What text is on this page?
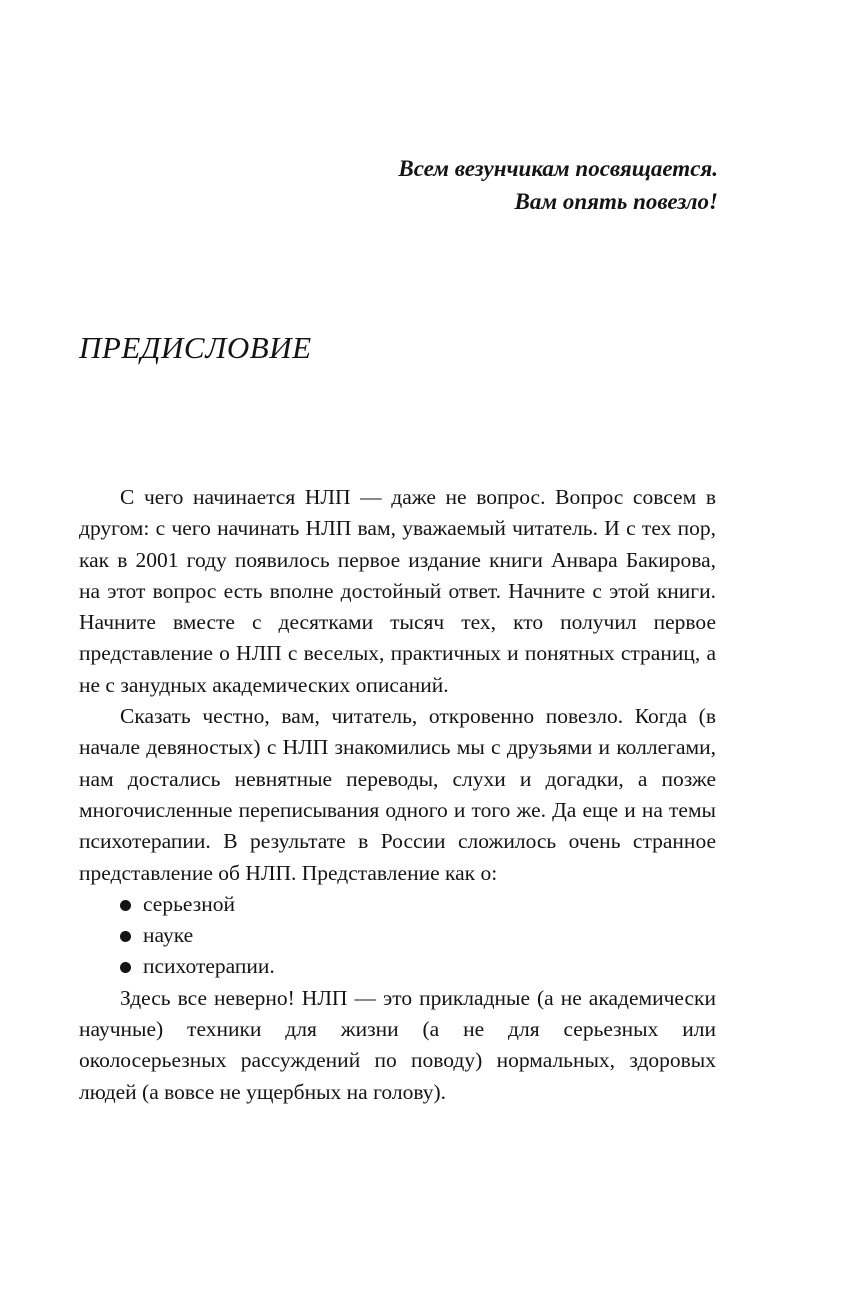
Всем везунчикам посвящается.
Вам опять повезло!
ПРЕДИСЛОВИЕ

С чего начинается НЛП — даже не вопрос. Вопрос совсем в другом: с чего начинать НЛП вам, уважаемый читатель. И с тех пор, как в 2001 году появилось первое издание книги Анвара Бакирова, на этот вопрос есть вполне достойный ответ. Начните с этой книги. Начните вместе с десятками тысяч тех, кто получил первое представление о НЛП с веселых, практичных и понятных страниц, а не с занудных академических описаний.

Сказать честно, вам, читатель, откровенно повезло. Когда (в начале девяностых) с НЛП знакомились мы с друзьями и коллегами, нам достались невнятные переводы, слухи и догадки, а позже многочисленные переписывания одного и того же. Да еще и на темы психотерапии. В результате в России сложилось очень странное представление об НЛП. Представление как о:

серьезной
науке
психотерапии.

Здесь все неверно! НЛП — это прикладные (а не академически научные) техники для жизни (а не для серьезных или околосерьезных рассуждений по поводу) нормальных, здоровых людей (а вовсе не ущербных на голову).
